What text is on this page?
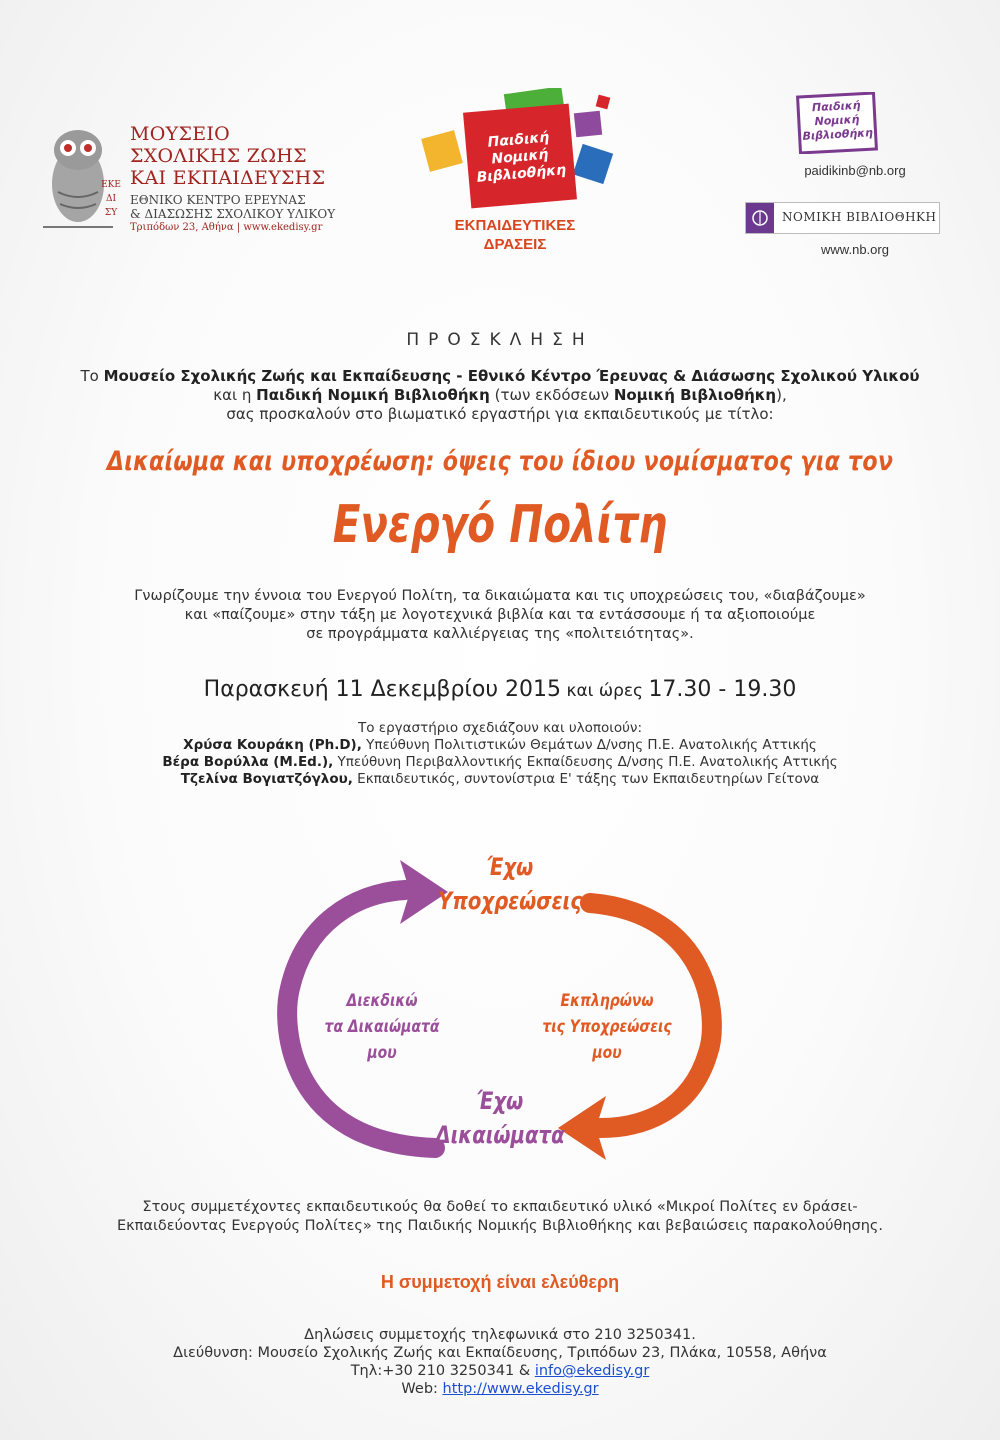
ΕΚΕ
ΔΙ
ΣΥ
ΜΟΥΣΕΙΟ
ΣΧΟΛΙΚΗΣ ΖΩΗΣ
ΚΑΙ ΕΚΠΑΙΔΕΥΣΗΣ
ΕΘΝΙΚΟ ΚΕΝΤΡΟ ΕΡΕΥΝΑΣ
& ΔΙΑΣΩΣΗΣ ΣΧΟΛΙΚΟΥ ΥΛΙΚΟΥ
Τριπόδων 23, Αθήνα | www.ekedisy.gr
Παιδική
Νομική
Βιβλιοθήκη
ΕΚΠΑΙΔΕΥΤΙΚΕΣ
ΔΡΑΣΕΙΣ
Παιδική
Νομική
Βιβλιοθήκη
paidikinb@nb.org
ΝΟΜΙΚΗ ΒΙΒΛΙΟΘΗΚΗ
www.nb.org
ΠΡΟΣΚΛΗΣΗ
Το Μουσείο Σχολικής Ζωής και Εκπαίδευσης - Εθνικό Κέντρο Έρευνας & Διάσωσης Σχολικού Υλικού
και η Παιδική Νομική Βιβλιοθήκη (των εκδόσεων Νομική Βιβλιοθήκη),
σας προσκαλούν στο βιωματικό εργαστήρι για εκπαιδευτικούς με τίτλο:
Δικαίωμα και υποχρέωση: όψεις του ίδιου νομίσματος για τον
Ενεργό Πολίτη
Γνωρίζουμε την έννοια του Ενεργού Πολίτη, τα δικαιώματα και τις υποχρεώσεις του, «διαβάζουμε»
και «παίζουμε» στην τάξη με λογοτεχνικά βιβλία και τα εντάσσουμε ή τα αξιοποιούμε
σε προγράμματα καλλιέργειας της «πολιτειότητας».
Παρασκευή 11 Δεκεμβρίου 2015 και ώρες 17.30 - 19.30
Το εργαστήριο σχεδιάζουν και υλοποιούν:
Χρύσα Κουράκη (Ph.D), Υπεύθυνη Πολιτιστικών Θεμάτων Δ/νσης Π.Ε. Ανατολικής Αττικής
Βέρα Βορύλλα (M.Ed.), Υπεύθυνη Περιβαλλοντικής Εκπαίδευσης Δ/νσης Π.Ε. Ανατολικής Αττικής
Τζελίνα Βογιατζόγλου, Εκπαιδευτικός, συντονίστρια Ε' τάξης των Εκπαιδευτηρίων Γείτονα
Έχω
Υποχρεώσεις
Έχω
Δικαιώματα
Διεκδικώ
τα Δικαιώματά μου
Εκπληρώνω
τις Υποχρεώσεις μου
Στους συμμετέχοντες εκπαιδευτικούς θα δοθεί το εκπαιδευτικό υλικό «Μικροί Πολίτες εν δράσει-
Εκπαιδεύοντας Ενεργούς Πολίτες» της Παιδικής Νομικής Βιβλιοθήκης και βεβαιώσεις παρακολούθησης.
Η συμμετοχή είναι ελεύθερη
Δηλώσεις συμμετοχής τηλεφωνικά στο 210 3250341.
Διεύθυνση: Μουσείο Σχολικής Ζωής και Εκπαίδευσης, Τριπόδων 23, Πλάκα, 10558, Αθήνα
Τηλ:+30 210 3250341 & info@ekedisy.gr
Web: http://www.ekedisy.gr
